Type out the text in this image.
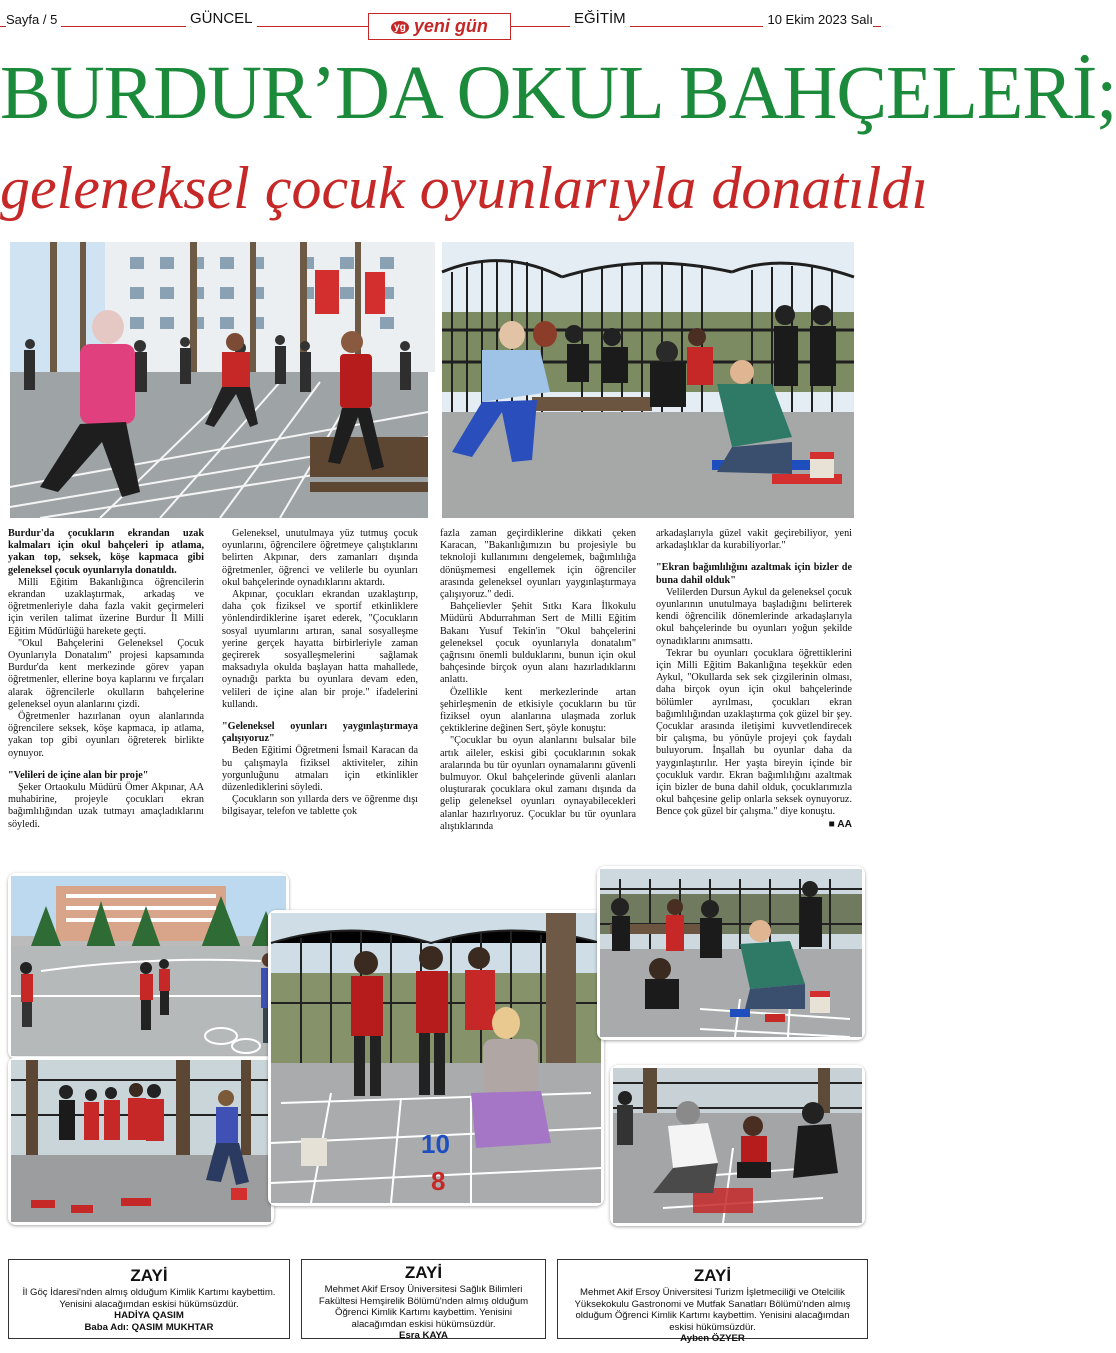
Sayfa / 5	GÜNCEL
yg yeni gün	EĞİTİM	10 Ekim 2023 Salı
BURDUR’DA OKUL BAHÇELERİ;
geleneksel çocuk oyunlarıyla donatıldı

Burdur'da çocukların ekrandan uzak kalmaları için okul bahçeleri ip atlama, yakan top, seksek, köşe kapmaca gibi geleneksel çocuk oyunlarıyla donatıldı.

Milli Eğitim Bakanlığınca öğrencilerin ekrandan uzaklaştırmak, arkadaş ve öğretmenleriyle daha fazla vakit geçirmeleri için verilen talimat üzerine Burdur İl Milli Eğitim Müdürlüğü harekete geçti.

"Okul Bahçelerini Geleneksel Çocuk Oyunlarıyla Donatalım" projesi kapsamında Burdur'da kent merkezinde görev yapan öğretmenler, ellerine boya kaplarını ve fırçaları alarak öğrencilerle okulların bahçelerine geleneksel oyun alanlarını çizdi.

Öğretmenler hazırlanan oyun alanlarında öğrencilere seksek, köşe kapmaca, ip atlama, yakan top gibi oyunları öğreterek birlikte oynuyor.

"Velileri de içine alan bir proje"

Şeker Ortaokulu Müdürü Ömer Akpınar, AA muhabirine, projeyle çocukları ekran bağımlılığından uzak tutmayı amaçladıklarını söyledi.

Geleneksel, unutulmaya yüz tutmuş çocuk oyunlarını, öğrencilere öğretmeye çalıştıklarını belirten Akpınar, ders zamanları dışında öğretmenler, öğrenci ve velilerle bu oyunları okul bahçelerinde oynadıklarını aktardı.

Akpınar, çocukları ekrandan uzaklaştırıp, daha çok fiziksel ve sportif etkinliklere yönlendirdiklerine işaret ederek, "Çocukların sosyal uyumlarını artıran, sanal sosyalleşme yerine gerçek hayatta birbirleriyle zaman geçirerek sosyalleşmelerini sağlamak maksadıyla okulda başlayan hatta mahallede, oynadığı parkta bu oyunlara devam eden, velileri de içine alan bir proje." ifadelerini kullandı.

"Geleneksel oyunları yaygınlaştırmaya çalışıyoruz"

Beden Eğitimi Öğretmeni İsmail Karacan da bu çalışmayla fiziksel aktiviteler, zihin yorgunluğunu atmaları için etkinlikler düzenlediklerini söyledi.

Çocukların son yıllarda ders ve öğrenme dışı bilgisayar, telefon ve tablette çok

fazla zaman geçirdiklerine dikkati çeken Karacan, "Bakanlığımızın bu projesiyle bu teknoloji kullanımını dengelemek, bağımlılığa dönüşmemesi engellemek için öğrenciler arasında geleneksel oyunları yaygınlaştırmaya çalışıyoruz." dedi.

Bahçelievler Şehit Sıtkı Kara İlkokulu Müdürü Abdurrahman Sert de Milli Eğitim Bakanı Yusuf Tekin'in "Okul bahçelerini geleneksel çocuk oyunlarıyla donatalım" çağrısını önemli bulduklarını, bunun için okul bahçesinde birçok oyun alanı hazırladıklarını anlattı.

Özellikle kent merkezlerinde artan şehirleşmenin de etkisiyle çocukların bu tür fiziksel oyun alanlarına ulaşmada zorluk çektiklerine değinen Sert, şöyle konuştu:

"Çocuklar bu oyun alanlarını bulsalar bile artık aileler, eskisi gibi çocuklarının sokak aralarında bu tür oyunları oynamalarını güvenli bulmuyor. Okul bahçelerinde güvenli alanları oluşturarak çocuklara okul zamanı dışında da gelip geleneksel oyunları oynayabilecekleri alanlar hazırlıyoruz. Çocuklar bu tür oyunlara alıştıklarında

arkadaşlarıyla güzel vakit geçirebiliyor, yeni arkadaşlıklar da kurabiliyorlar."

"Ekran bağımlılığını azaltmak için bizler de buna dahil olduk"

Velilerden Dursun Aykul da geleneksel çocuk oyunlarının unutulmaya başladığını belirterek kendi öğrencilik dönemlerinde arkadaşlarıyla okul bahçelerinde bu oyunları yoğun şekilde oynadıklarını anımsattı.

Tekrar bu oyunları çocuklara öğrettiklerini için Milli Eğitim Bakanlığına teşekkür eden Aykul, "Okullarda sek sek çizgilerinin olması, daha birçok oyun için okul bahçelerinde bölümler ayrılması, çocukları ekran bağımlılığından uzaklaştırma çok güzel bir şey. Çocuklar arasında iletişimi kuvvetlendirecek bir çalışma, bu yönüyle projeyi çok faydalı buluyorum. İnşallah bu oyunlar daha da yaygınlaştırılır. Her yaşta bireyin içinde bir çocukluk vardır. Ekran bağımlılığını azaltmak için bizler de buna dahil olduk, çocuklarımızla okul bahçesine gelip onlarla seksek oynuyoruz. Bence çok güzel bir çalışma." diye konuştu.

■ AA

10
8
ZAYİ
İl Göç İdaresi'nden almış olduğum Kimlik Kartımı kaybettim. Yenisini alacağımdan eskisi hükümsüzdür.
HADİYA QASIM
Baba Adı: QASIM MUKHTAR
ZAYİ
Mehmet Akif Ersoy Üniversitesi Sağlık Bilimleri Fakültesi Hemşirelik Bölümü'nden almış olduğum Öğrenci Kimlik Kartımı kaybettim. Yenisini alacağımdan eskisi hükümsüzdür.
Esra KAYA
ZAYİ
Mehmet Akif Ersoy Üniversitesi Turizm İşletmeciliği ve Otelcilik Yüksekokulu Gastronomi ve Mutfak Sanatları Bölümü'nden almış olduğum Öğrenci Kimlik Kartımı kaybettim. Yenisini alacağımdan eskisi hükümsüzdür.
Ayben ÖZYER
